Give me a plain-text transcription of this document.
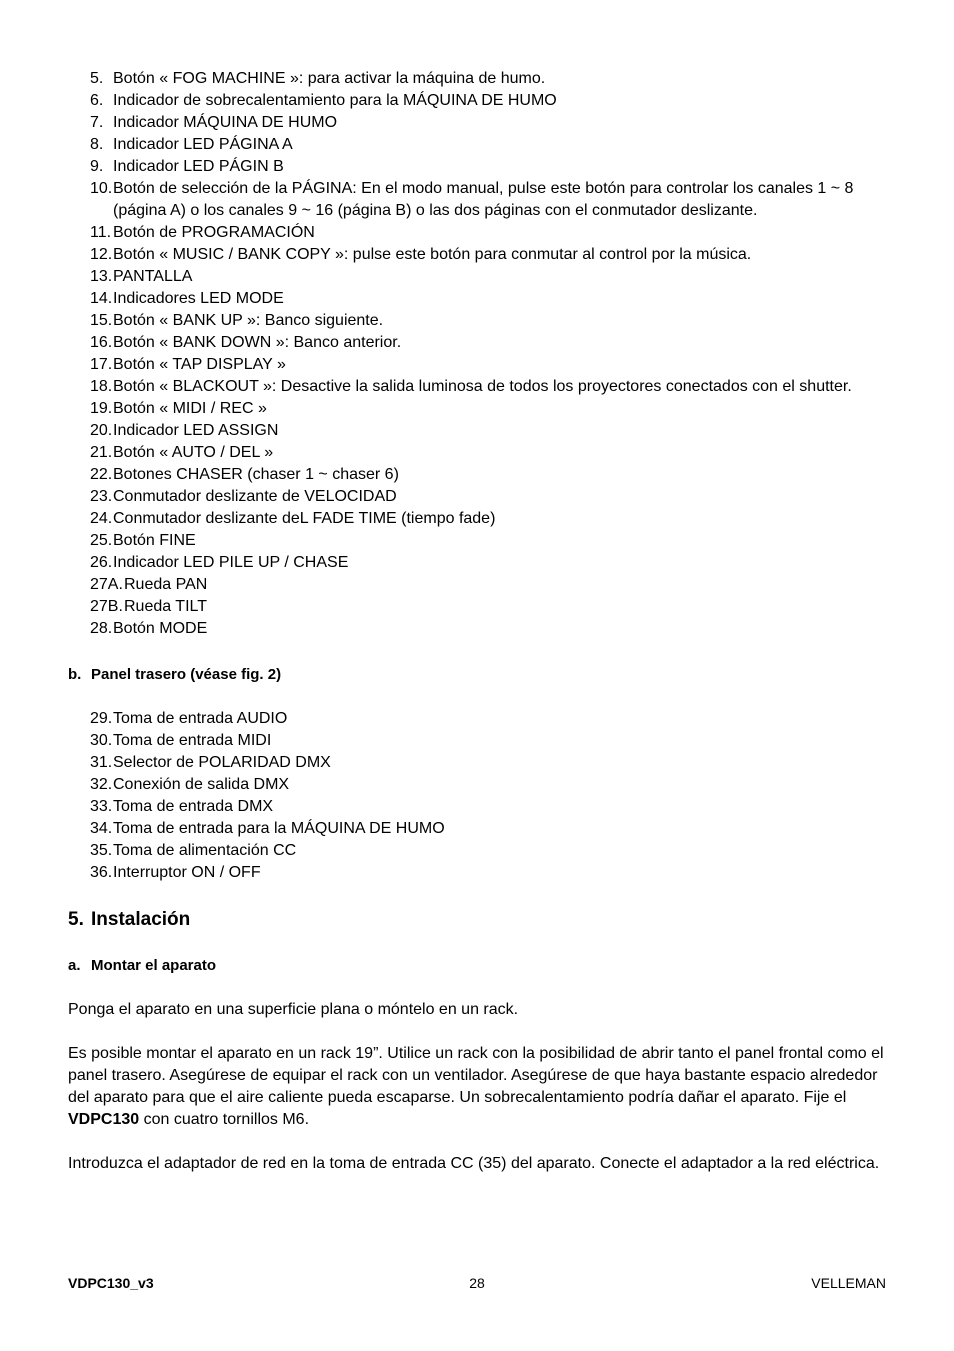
5. Botón « FOG MACHINE »: para activar la máquina de humo.
6. Indicador de sobrecalentamiento para la MÁQUINA DE HUMO
7. Indicador MÁQUINA DE HUMO
8. Indicador LED PÁGINA A
9. Indicador LED PÁGIN B
10. Botón de selección de la PÁGINA: En el modo manual, pulse este botón para controlar los canales 1 ~ 8 (página A) o los canales 9 ~ 16 (página B) o las dos páginas con el conmutador deslizante.
11. Botón de PROGRAMACIÓN
12. Botón « MUSIC / BANK COPY »: pulse este botón para conmutar al control por la música.
13. PANTALLA
14. Indicadores LED MODE
15. Botón « BANK UP »: Banco siguiente.
16. Botón « BANK DOWN »: Banco anterior.
17. Botón « TAP DISPLAY »
18. Botón « BLACKOUT »: Desactive la salida luminosa de todos los proyectores conectados con el shutter.
19. Botón « MIDI / REC »
20. Indicador LED ASSIGN
21. Botón « AUTO / DEL »
22. Botones CHASER (chaser 1 ~ chaser 6)
23. Conmutador deslizante de VELOCIDAD
24. Conmutador deslizante deL FADE TIME (tiempo fade)
25. Botón FINE
26. Indicador LED PILE UP / CHASE
27A. Rueda PAN
27B. Rueda TILT
28. Botón MODE
b. Panel trasero (véase fig. 2)
29. Toma de entrada AUDIO
30. Toma de entrada MIDI
31. Selector de POLARIDAD DMX
32. Conexión de salida DMX
33. Toma de entrada DMX
34. Toma de entrada para la MÁQUINA DE HUMO
35. Toma de alimentación CC
36. Interruptor ON / OFF
5. Instalación
a. Montar el aparato
Ponga el aparato en una superficie plana o móntelo en un rack.
Es posible montar el aparato en un rack 19”. Utilice un rack con la posibilidad de abrir tanto el panel frontal como el panel trasero. Asegúrese de equipar el rack con un ventilador. Asegúrese de que haya bastante espacio alrededor del aparato para que el aire caliente pueda escaparse. Un sobrecalentamiento podría dañar el aparato. Fije el VDPC130 con cuatro tornillos M6.
Introduzca el adaptador de red en la toma de entrada CC (35) del aparato. Conecte el adaptador a la red eléctrica.
VDPC130_v3	28	VELLEMAN
